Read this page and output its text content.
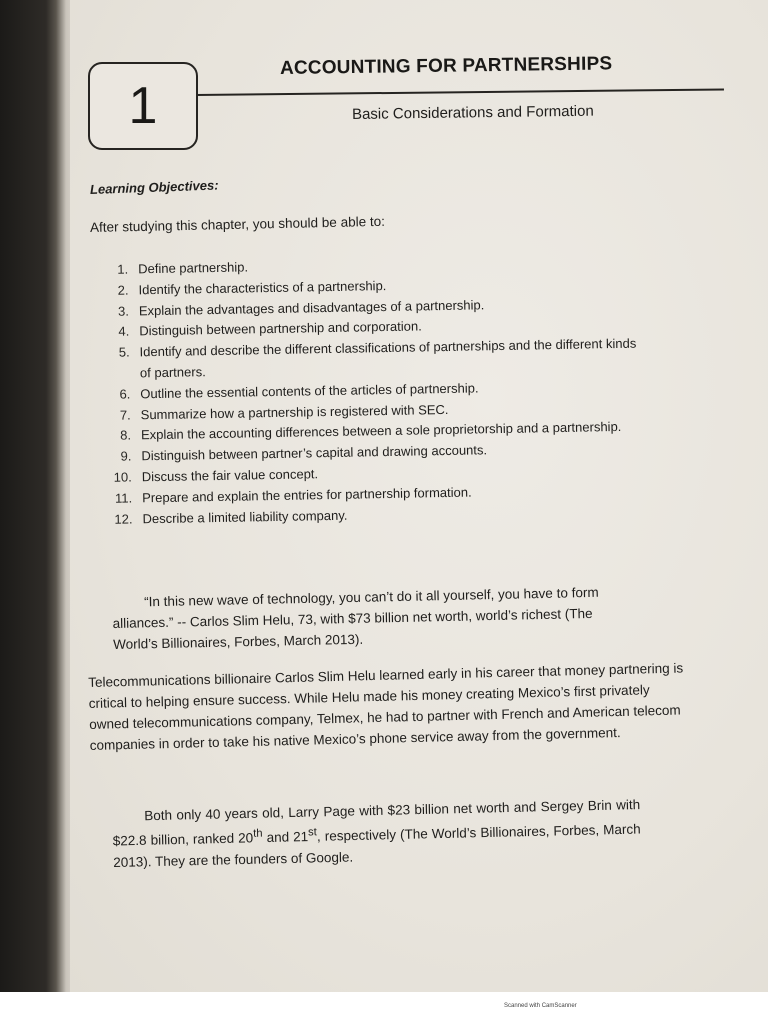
1
ACCOUNTING FOR PARTNERSHIPS
Basic Considerations and Formation
Learning Objectives:
After studying this chapter, you should be able to:
1. Define partnership.
2. Identify the characteristics of a partnership.
3. Explain the advantages and disadvantages of a partnership.
4. Distinguish between partnership and corporation.
5. Identify and describe the different classifications of partnerships and the different kinds of partners.
6. Outline the essential contents of the articles of partnership.
7. Summarize how a partnership is registered with SEC.
8. Explain the accounting differences between a sole proprietorship and a partnership.
9. Distinguish between partner’s capital and drawing accounts.
10. Discuss the fair value concept.
11. Prepare and explain the entries for partnership formation.
12. Describe a limited liability company.

“In this new wave of technology, you can’t do it all yourself, you have to form alliances.” -- Carlos Slim Helu, 73, with $73 billion net worth, world’s richest (The World’s Billionaires, Forbes, March 2013).

Telecommunications billionaire Carlos Slim Helu learned early in his career that money partnering is critical to helping ensure success. While Helu made his money creating Mexico’s first privately owned telecommunications company, Telmex, he had to partner with French and American telecom companies in order to take his native Mexico’s phone service away from the government.

Both only 40 years old, Larry Page with $23 billion net worth and Sergey Brin with $22.8 billion, ranked 20th and 21st, respectively (The World’s Billionaires, Forbes, March 2013). They are the founders of Google.

Scanned with CamScanner
